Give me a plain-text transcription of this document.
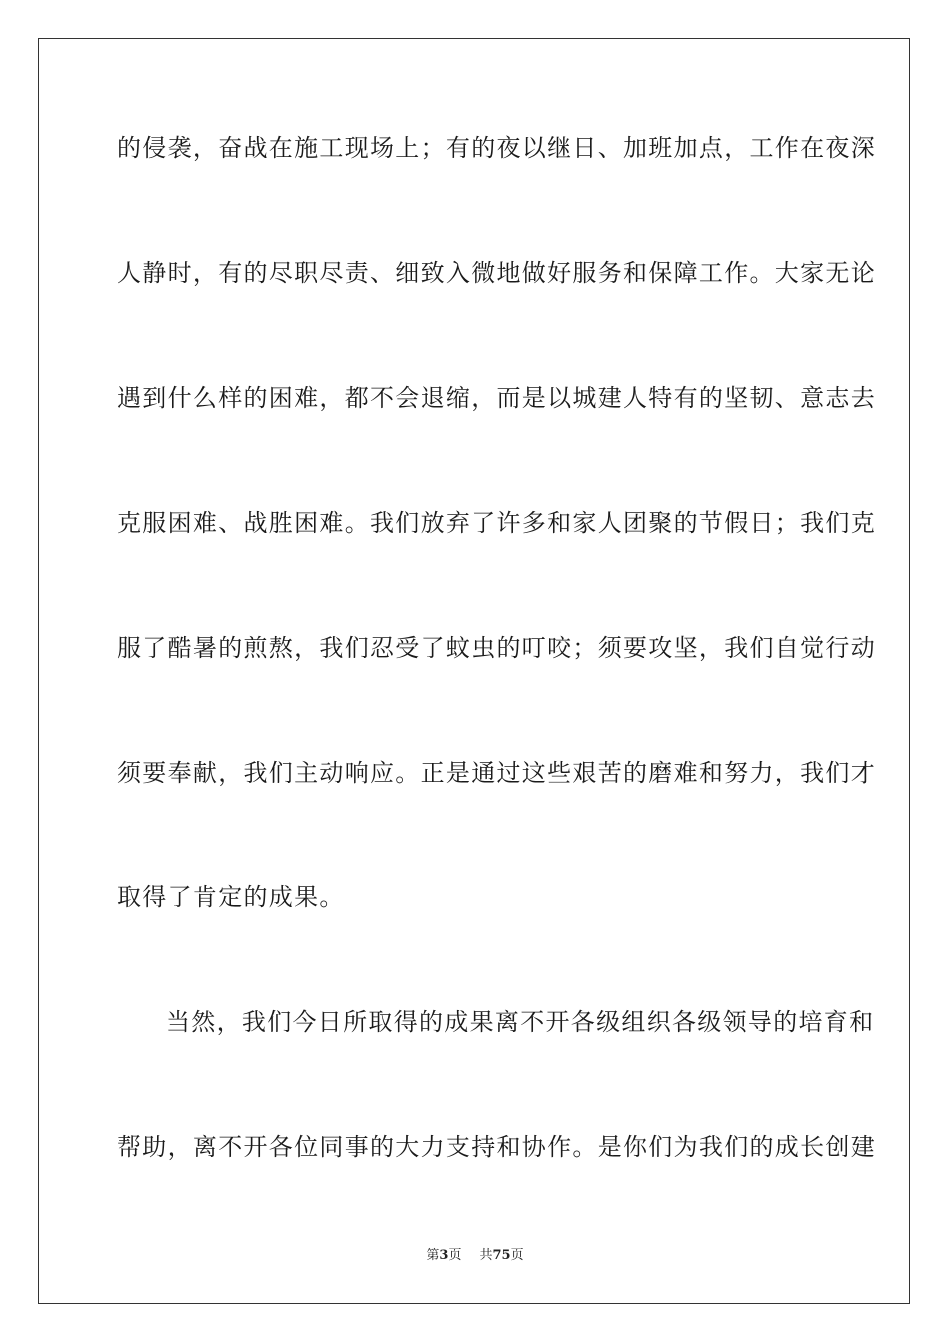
的侵袭，奋战在施工现场上；有的夜以继日、加班加点，工作在夜深
人静时，有的尽职尽责、细致入微地做好服务和保障工作。大家无论
遇到什么样的困难，都不会退缩，而是以城建人特有的坚韧、意志去
克服困难、战胜困难。我们放弃了许多和家人团聚的节假日；我们克
服了酷暑的煎熬，我们忍受了蚊虫的叮咬；须要攻坚，我们自觉行动
须要奉献，我们主动响应。正是通过这些艰苦的磨难和努力，我们才
取得了肯定的成果。
当然，我们今日所取得的成果离不开各级组织各级领导的培育和
帮助，离不开各位同事的大力支持和协作。是你们为我们的成长创建
第3页 共75页
